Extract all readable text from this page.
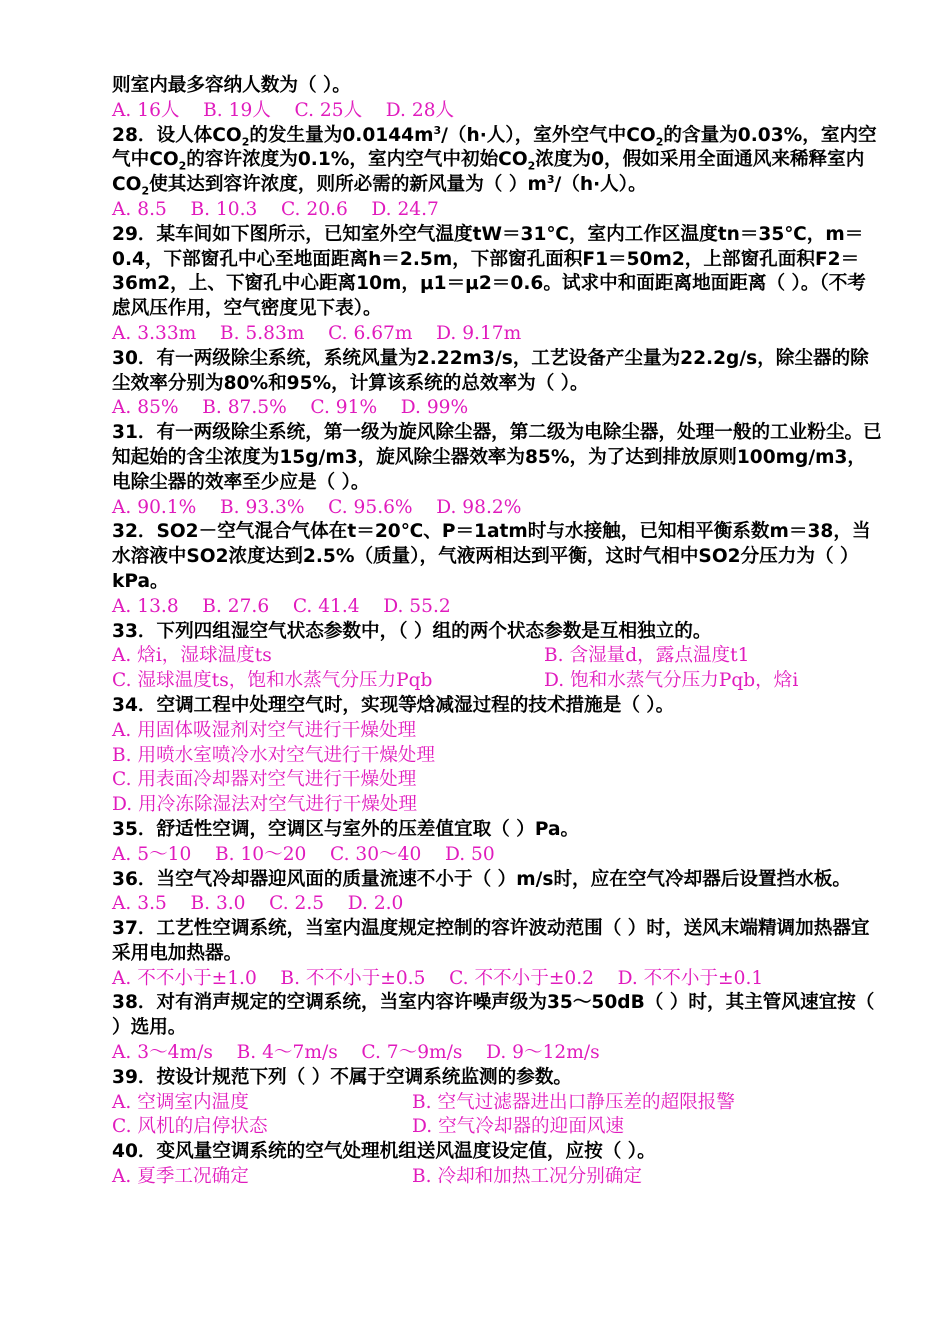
则室内最多容纳人数为（ ）。

A. 16人    B. 19人    C. 25人    D. 28人

28．设人体$CO_2$的发生量为$0.0144m^3/(h\cdot$人），室外空气中$CO_2$的含量为0.03%，室内空气中$CO_2$的容许浓度为0.1%，室内空气中初始$CO_2$浓度为0，假如采用全面通风来稀释室内$CO_2$使其达到容许浓度，则所必需的新风量为（ ）$m^3/(h\cdot$人）。

A. 8.5    B. 10.3    C. 20.6    D. 24.7

29．某车间如下图所示，已知室外空气温度tW＝31℃，室内工作区温度tn＝35℃，m＝0.4，下部窗孔中心至地面距离h＝2.5m，下部窗孔面积F1＝50m2，上部窗孔面积F2＝36m2，上、下窗孔中心距离10m，μ1＝μ2＝0.6。试求中和面距离地面距离（ ）。（不考虑风压作用，空气密度见下表）。

A. 3.33m    B. 5.83m    C. 6.67m    D. 9.17m

30．有一两级除尘系统，系统风量为2.22m3/s，工艺设备产尘量为22.2g/s，除尘器的除尘效率分别为80%和95%，计算该系统的总效率为（ ）。

A. 85%    B. 87.5%    C. 91%    D. 99%

31．有一两级除尘系统，第一级为旋风除尘器，第二级为电除尘器，处理一般的工业粉尘。已知起始的含尘浓度为15g/m3，旋风除尘器效率为85%，为了达到排放原则100mg/m3，电除尘器的效率至少应是（ ）。

A. 90.1%    B. 93.3%    C. 95.6%    D. 98.2%

32．SO2－空气混合气体在t＝20℃、P＝1atm时与水接触，已知相平衡系数m＝38，当水溶液中SO2浓度达到2.5%（质量），气液两相达到平衡，这时气相中SO2分压力为（ ）kPa。

A. 13.8    B. 27.6    C. 41.4    D. 55.2

33．下列四组湿空气状态参数中，（ ）组的两个状态参数是互相独立的。

A. 焓i，湿球温度ts	B. 含湿量d，露点温度t1
C. 湿球温度ts，饱和水蒸气分压力Pqb	D. 饱和水蒸气分压力Pqb，焓i

34．空调工程中处理空气时，实现等焓减湿过程的技术措施是（ ）。

A. 用固体吸湿剂对空气进行干燥处理

B. 用喷水室喷冷水对空气进行干燥处理

C. 用表面冷却器对空气进行干燥处理

D. 用冷冻除湿法对空气进行干燥处理

35．舒适性空调，空调区与室外的压差值宜取（ ）Pa。

A. 5～10    B. 10～20    C. 30～40    D. 50

36．当空气冷却器迎风面的质量流速不小于（ ）m/s时，应在空气冷却器后设置挡水板。

A. 3.5    B. 3.0    C. 2.5    D. 2.0

37．工艺性空调系统，当室内温度规定控制的容许波动范围（ ）时，送风末端精调加热器宜采用电加热器。

A. 不不小于±1.0    B. 不不小于±0.5    C. 不不小于±0.2    D. 不不小于±0.1

38．对有消声规定的空调系统，当室内容许噪声级为35～50dB（ ）时，其主管风速宜按（ ）选用。

A. 3～4m/s    B. 4～7m/s    C. 7～9m/s    D. 9～12m/s

39．按设计规范下列（ ）不属于空调系统监测的参数。

A. 空调室内温度	B. 空气过滤器进出口静压差的超限报警
C. 风机的启停状态	D. 空气冷却器的迎面风速

40．变风量空调系统的空气处理机组送风温度设定值，应按（ ）。

A. 夏季工况确定	B. 冷却和加热工况分别确定
